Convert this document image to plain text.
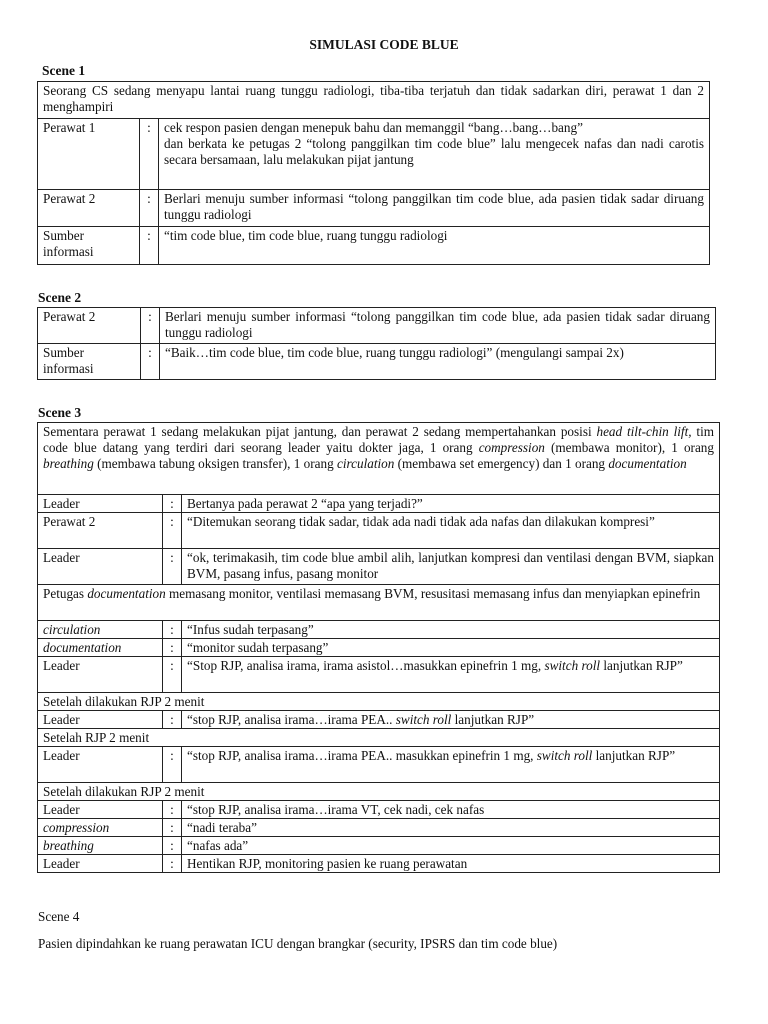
SIMULASI CODE BLUE
Scene 1
Seorang CS sedang menyapu lantai ruang tunggu radiologi, tiba-tiba terjatuh dan tidak sadarkan diri, perawat 1 dan 2 menghampiri		
Perawat 1	:	cek respon pasien dengan menepuk bahu dan memanggil “bang…bang…bang”

dan berkata ke petugas 2 “tolong panggilkan tim code blue” lalu mengecek nafas dan nadi carotis secara bersamaan, lalu melakukan pijat jantung

Perawat 2	:	Berlari menuju sumber informasi “tolong panggilkan tim code blue, ada pasien tidak sadar diruang tunggu radiologi
Sumber informasi	:	“tim code blue, tim code blue, ruang tunggu radiologi
Scene 2
Perawat 2	:	Berlari menuju sumber informasi “tolong panggilkan tim code blue, ada pasien tidak sadar diruang tunggu radiologi
Sumber informasi	:	“Baik…tim code blue, tim code blue, ruang tunggu radiologi” (mengulangi sampai 2x)
Scene 3
Sementara perawat 1 sedang melakukan pijat jantung, dan perawat 2 sedang mempertahankan posisi head tilt-chin lift, tim code blue datang yang terdiri dari seorang leader yaitu dokter jaga, 1 orang compression (membawa monitor), 1 orang breathing (membawa tabung oksigen transfer), 1 orang circulation (membawa set emergency) dan 1 orang documentation		
Leader	:	Bertanya pada perawat 2 “apa yang terjadi?”
Perawat 2	:	“Ditemukan seorang tidak sadar, tidak ada nadi tidak ada nafas dan dilakukan kompresi”
Leader	:	“ok, terimakasih, tim code blue ambil alih, lanjutkan kompresi dan ventilasi dengan BVM, siapkan BVM, pasang infus, pasang monitor
Petugas documentation memasang monitor, ventilasi memasang BVM, resusitasi memasang infus dan menyiapkan epinefrin		
circulation	:	“Infus sudah terpasang”
documentation	:	“monitor sudah terpasang”
Leader	:	“Stop RJP, analisa irama, irama asistol…masukkan epinefrin 1 mg, switch roll lanjutkan RJP”
Setelah dilakukan RJP 2 menit		
Leader	:	“stop RJP, analisa irama…irama PEA.. switch roll lanjutkan RJP”
Setelah RJP 2 menit		
Leader	:	“stop RJP, analisa irama…irama PEA.. masukkan epinefrin 1 mg, switch roll lanjutkan RJP”
Setelah dilakukan RJP 2 menit		
Leader	:	“stop RJP, analisa irama…irama VT, cek nadi, cek nafas
compression	:	“nadi teraba”
breathing	:	“nafas ada”
Leader	:	Hentikan RJP, monitoring pasien ke ruang perawatan
Scene 4
Pasien dipindahkan ke ruang perawatan ICU dengan brangkar (security, IPSRS dan tim code blue)
